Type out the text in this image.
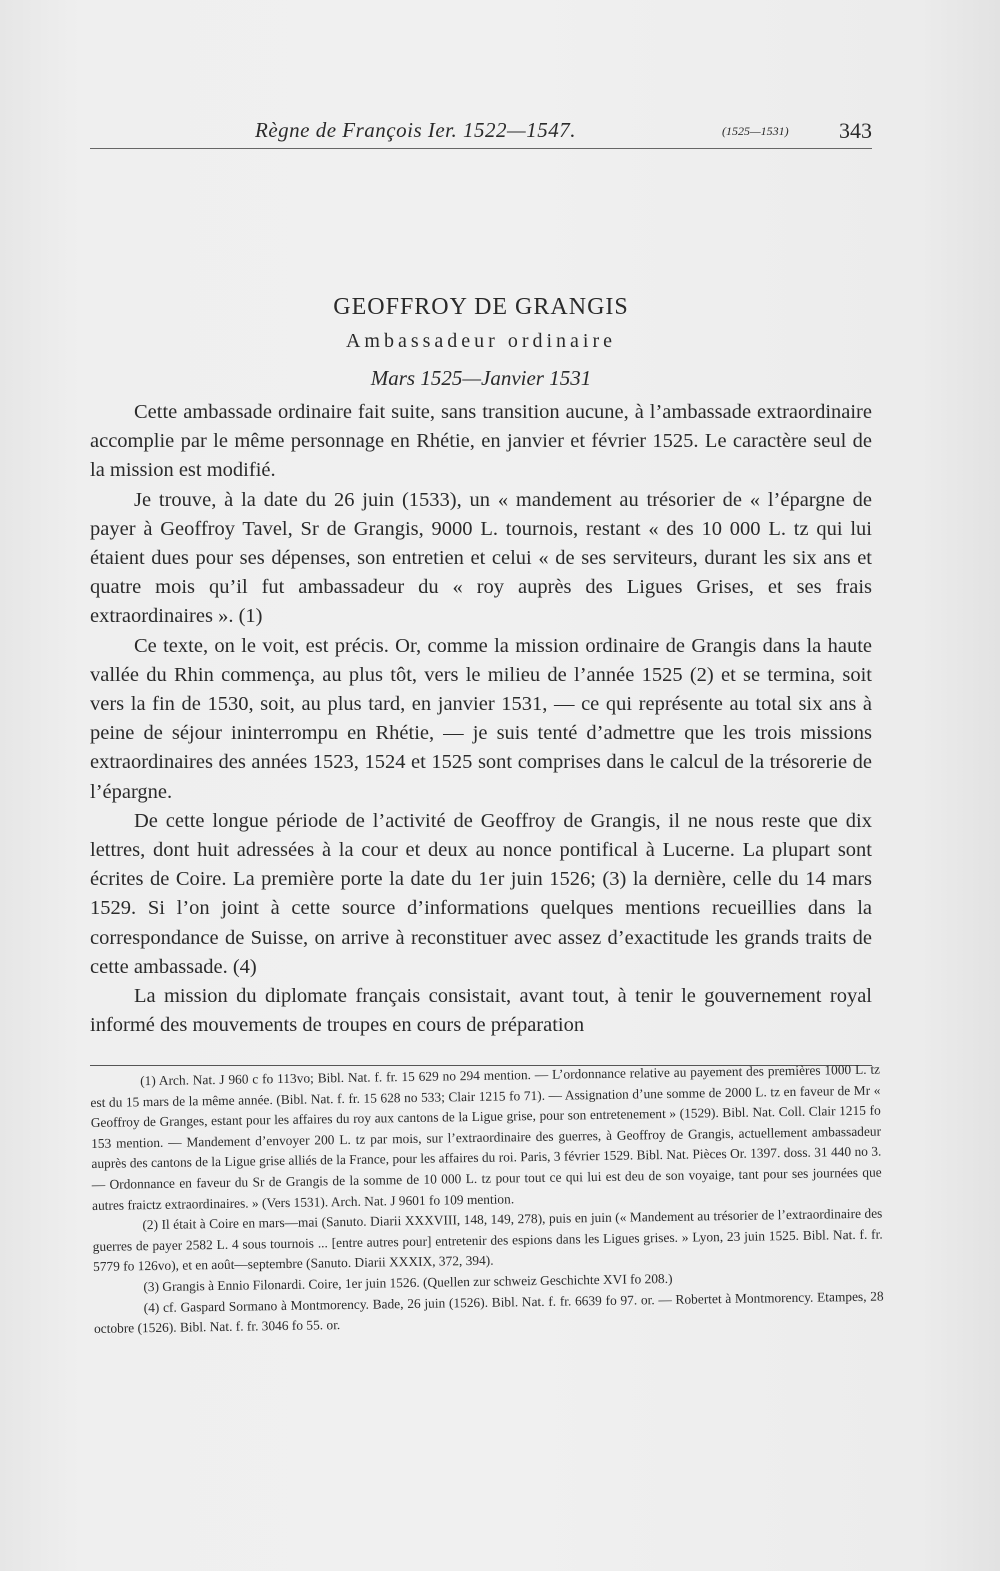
Règne de François Ier. 1522—1547.	(1525—1531) 343
GEOFFROY DE GRANGIS
Ambassadeur ordinaire
Mars 1525—Janvier 1531

Cette ambassade ordinaire fait suite, sans transition aucune, à l’ambassade extraordinaire accomplie par le même personnage en Rhétie, en janvier et février 1525. Le caractère seul de la mission est modifié.

Je trouve, à la date du 26 juin (1533), un « mandement au trésorier de « l’épargne de payer à Geoffroy Tavel, Sr de Grangis, 9000 L. tournois, restant « des 10 000 L. tz qui lui étaient dues pour ses dépenses, son entretien et celui « de ses serviteurs, durant les six ans et quatre mois qu’il fut ambassadeur du « roy auprès des Ligues Grises, et ses frais extraordinaires ». (1)

Ce texte, on le voit, est précis. Or, comme la mission ordinaire de Grangis dans la haute vallée du Rhin commença, au plus tôt, vers le milieu de l’année 1525 (2) et se termina, soit vers la fin de 1530, soit, au plus tard, en janvier 1531, — ce qui représente au total six ans à peine de séjour ininterrompu en Rhétie, — je suis tenté d’admettre que les trois missions extraordinaires des années 1523, 1524 et 1525 sont comprises dans le calcul de la trésorerie de l’épargne.

De cette longue période de l’activité de Geoffroy de Grangis, il ne nous reste que dix lettres, dont huit adressées à la cour et deux au nonce pontifical à Lucerne. La plupart sont écrites de Coire. La première porte la date du 1er juin 1526; (3) la dernière, celle du 14 mars 1529. Si l’on joint à cette source d’informations quelques mentions recueillies dans la correspondance de Suisse, on arrive à reconstituer avec assez d’exactitude les grands traits de cette ambassade. (4)

La mission du diplomate français consistait, avant tout, à tenir le gouvernement royal informé des mouvements de troupes en cours de préparation

(1) Arch. Nat. J 960 c fo 113vo; Bibl. Nat. f. fr. 15 629 no 294 mention. — L’ordonnance relative au payement des premières 1000 L. tz est du 15 mars de la même année. (Bibl. Nat. f. fr. 15 628 no 533; Clair 1215 fo 71). — Assignation d’une somme de 2000 L. tz en faveur de Mr « Geoffroy de Granges, estant pour les affaires du roy aux cantons de la Ligue grise, pour son entretenement » (1529). Bibl. Nat. Coll. Clair 1215 fo 153 mention. — Mandement d’envoyer 200 L. tz par mois, sur l’extraordinaire des guerres, à Geoffroy de Grangis, actuellement ambassadeur auprès des cantons de la Ligue grise alliés de la France, pour les affaires du roi. Paris, 3 février 1529. Bibl. Nat. Pièces Or. 1397. doss. 31 440 no 3. — Ordonnance en faveur du Sr de Grangis de la somme de 10 000 L. tz pour tout ce qui lui est deu de son voyaige, tant pour ses journées que autres fraictz extraordinaires. » (Vers 1531). Arch. Nat. J 9601 fo 109 mention.

(2) Il était à Coire en mars—mai (Sanuto. Diarii XXXVIII, 148, 149, 278), puis en juin (« Mandement au trésorier de l’extraordinaire des guerres de payer 2582 L. 4 sous tournois ... [entre autres pour] entretenir des espions dans les Ligues grises. » Lyon, 23 juin 1525. Bibl. Nat. f. fr. 5779 fo 126vo), et en août—septembre (Sanuto. Diarii XXXIX, 372, 394).

(3) Grangis à Ennio Filonardi. Coire, 1er juin 1526. (Quellen zur schweiz Geschichte XVI fo 208.)

(4) cf. Gaspard Sormano à Montmorency. Bade, 26 juin (1526). Bibl. Nat. f. fr. 6639 fo 97. or. — Robertet à Montmorency. Etampes, 28 octobre (1526). Bibl. Nat. f. fr. 3046 fo 55. or.
